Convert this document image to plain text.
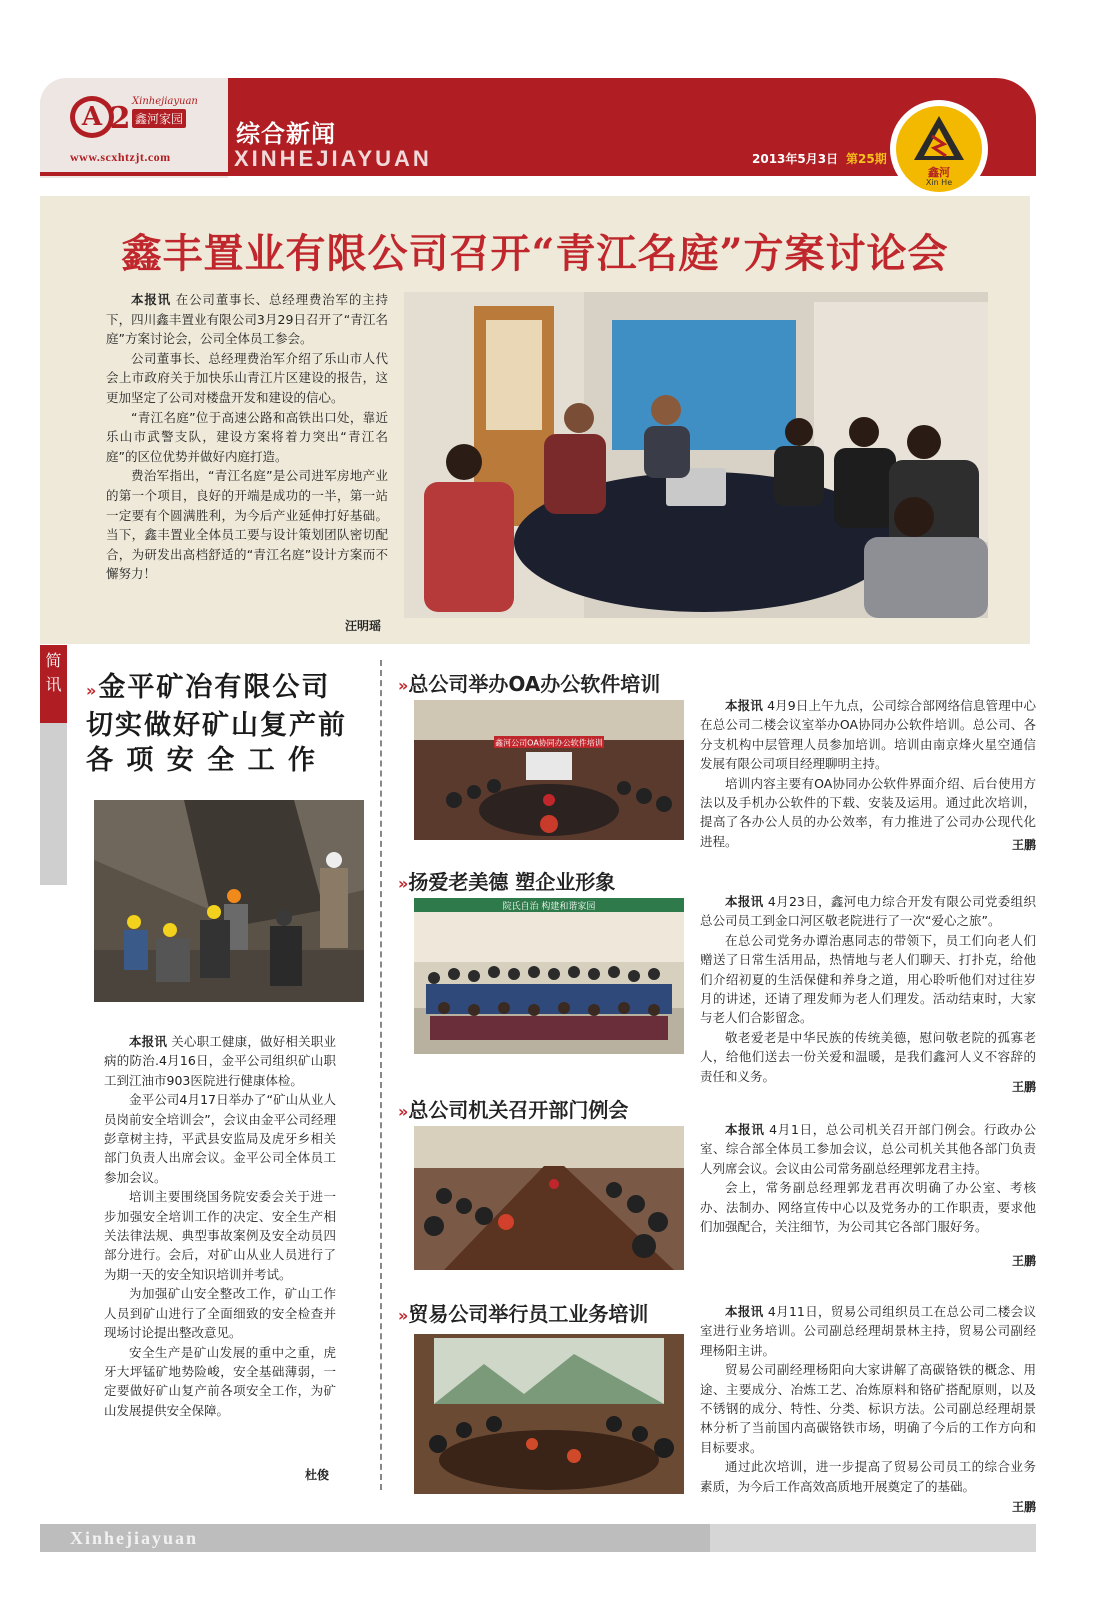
A 2 Xinhejiayuan
鑫河家园
www.scxhtzjt.com
综合新闻
XINHEJIAYUAN	2013年5月3日 第25期
鑫河
Xin He
鑫丰置业有限公司召开“青江名庭”方案讨论会

本报讯 在公司董事长、总经理费治军的主持下，四川鑫丰置业有限公司3月29日召开了“青江名庭”方案讨论会，公司全体员工参会。

公司董事长、总经理费治军介绍了乐山市人代会上市政府关于加快乐山青江片区建设的报告，这更加坚定了公司对楼盘开发和建设的信心。

“青江名庭”位于高速公路和高铁出口处，靠近乐山市武警支队，建设方案将着力突出“青江名庭”的区位优势并做好内庭打造。

费治军指出，“青江名庭”是公司进军房地产业的第一个项目，良好的开端是成功的一半，第一站一定要有个圆满胜利，为今后产业延伸打好基础。当下，鑫丰置业全体员工要与设计策划团队密切配合，为研发出高档舒适的“青江名庭”设计方案而不懈努力！

汪明瑶
简讯 »金平矿冶有限公司
切实做好矿山复产前
各 项 安 全 工 作

本报讯 关心职工健康，做好相关职业病的防治.4月16日，金平公司组织矿山职工到江油市903医院进行健康体检。

金平公司4月17日举办了“矿山从业人员岗前安全培训会”，会议由金平公司经理彭章树主持，平武县安监局及虎牙乡相关部门负责人出席会议。金平公司全体员工参加会议。

培训主要围绕国务院安委会关于进一步加强安全培训工作的决定、安全生产相关法律法规、典型事故案例及安全动员四部分进行。会后，对矿山从业人员进行了为期一天的安全知识培训并考试。

为加强矿山安全整改工作，矿山工作人员到矿山进行了全面细致的安全检查并现场讨论提出整改意见。

安全生产是矿山发展的重中之重，虎牙大坪锰矿地势险峻，安全基础薄弱，一定要做好矿山复产前各项安全工作，为矿山发展提供安全保障。

杜俊
»总公司举办OA办公软件培训
鑫河公司OA协同办公软件培训

本报讯 4月9日上午九点，公司综合部网络信息管理中心在总公司二楼会议室举办OA协同办公软件培训。总公司、各分支机构中层管理人员参加培训。培训由南京烽火星空通信发展有限公司项目经理聊明主持。

培训内容主要有OA协同办公软件界面介绍、后台使用方法以及手机办公软件的下载、安装及运用。通过此次培训，提高了各办公人员的办公效率，有力推进了公司办公现代化进程。	王鹏
»扬爱老美德 塑企业形象
院氏自治 构建和谐家园	本报讯 4月23日，鑫河电力综合开发有限公司党委组织总公司员工到金口河区敬老院进行了一次“爱心之旅”。

在总公司党务办谭治惠同志的带领下，员工们向老人们赠送了日常生活用品，热情地与老人们聊天、打扑克，给他们介绍初夏的生活保健和养身之道，用心聆听他们对过往岁月的讲述，还请了理发师为老人们理发。活动结束时，大家与老人们合影留念。

敬老爱老是中华民族的传统美德，慰问敬老院的孤寡老人，给他们送去一份关爱和温暖，是我们鑫河人义不容辞的责任和义务。

王鹏
»总公司机关召开部门例会

本报讯 4月1日，总公司机关召开部门例会。行政办公室、综合部全体员工参加会议，总公司机关其他各部门负责人列席会议。会议由公司常务副总经理郭龙君主持。

会上，常务副总经理郭龙君再次明确了办公室、考核办、法制办、网络宣传中心以及党务办的工作职责，要求他们加强配合，关注细节，为公司其它各部门服好务。

王鹏
»贸易公司举行员工业务培训	本报讯 4月11日，贸易公司组织员工在总公司二楼会议室进行业务培训。公司副总经理胡景林主持，贸易公司副经理杨阳主讲。

贸易公司副经理杨阳向大家讲解了高碳铬铁的概念、用途、主要成分、冶炼工艺、冶炼原料和铬矿搭配原则，以及不锈钢的成分、特性、分类、标识方法。公司副总经理胡景林分析了当前国内高碳铬铁市场，明确了今后的工作方向和目标要求。

通过此次培训，进一步提高了贸易公司员工的综合业务素质，为今后工作高效高质地开展奠定了的基础。

王鹏
Xinhejiayuan
